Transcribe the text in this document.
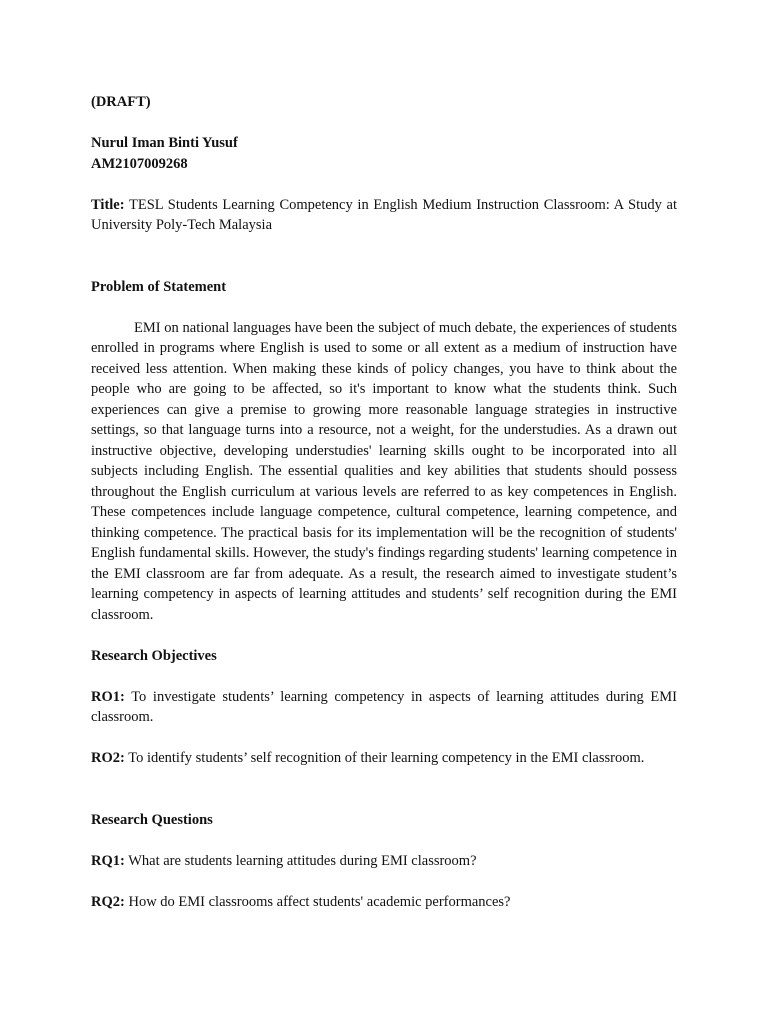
(DRAFT)

Nurul Iman Binti Yusuf

AM2107009268

Title: TESL Students Learning Competency in English Medium Instruction Classroom: A Study at University Poly-Tech Malaysia

Problem of Statement

EMI on national languages have been the subject of much debate, the experiences of students enrolled in programs where English is used to some or all extent as a medium of instruction have received less attention. When making these kinds of policy changes, you have to think about the people who are going to be affected, so it's important to know what the students think. Such experiences can give a premise to growing more reasonable language strategies in instructive settings, so that language turns into a resource, not a weight, for the understudies. As a drawn out instructive objective, developing understudies' learning skills ought to be incorporated into all subjects including English. The essential qualities and key abilities that students should possess throughout the English curriculum at various levels are referred to as key competences in English. These competences include language competence, cultural competence, learning competence, and thinking competence. The practical basis for its implementation will be the recognition of students' English fundamental skills. However, the study's findings regarding students' learning competence in the EMI classroom are far from adequate. As a result, the research aimed to investigate student’s learning competency in aspects of learning attitudes and students’ self recognition during the EMI classroom.

Research Objectives

RO1: To investigate students’ learning competency in aspects of learning attitudes during EMI classroom.

RO2: To identify students’ self recognition of their learning competency in the EMI classroom.

Research Questions

RQ1: What are students learning attitudes during EMI classroom?

RQ2: How do EMI classrooms affect students' academic performances?
